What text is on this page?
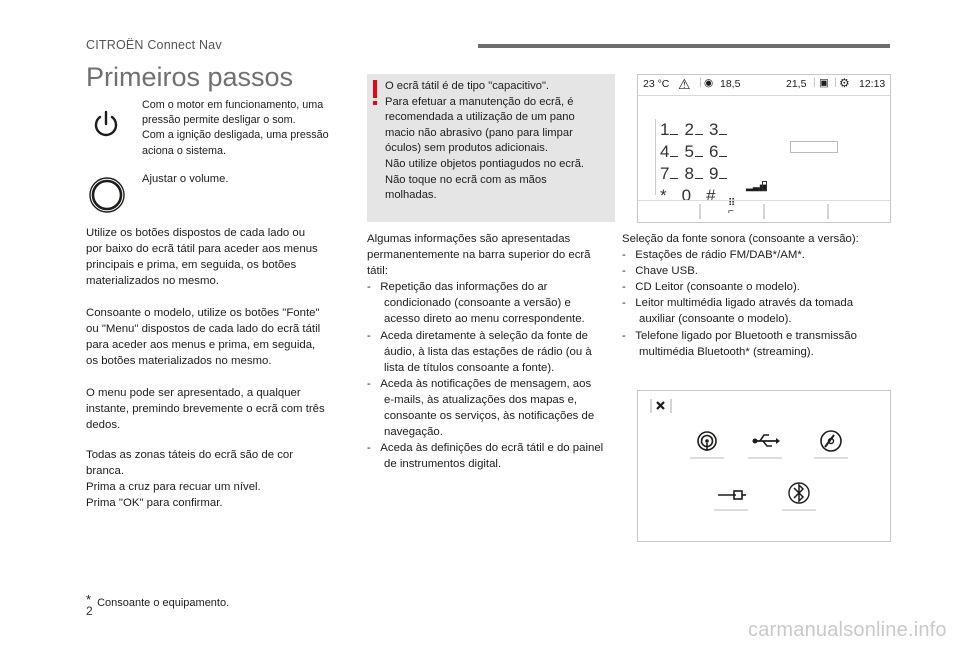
CITROËN Connect Nav
Primeiros passos
Com o motor em funcionamento, uma
pressão permite desligar o som.
Com a ignição desligada, uma pressão
aciona o sistema.
Ajustar o volume.
Utilize os botões dispostos de cada lado ou
por baixo do ecrã tátil para aceder aos menus
principais e prima, em seguida, os botões
materializados no mesmo.
Consoante o modelo, utilize os botões "Fonte"
ou "Menu" dispostos de cada lado do ecrã tátil
para aceder aos menus e prima, em seguida,
os botões materializados no mesmo.
O menu pode ser apresentado, a qualquer
instante, premindo brevemente o ecrã com três
dedos.
Todas as zonas táteis do ecrã são de cor
branca.
Prima a cruz para recuar um nível.
Prima "OK" para confirmar.
* Consoante o equipamento.
O ecrã tátil é de tipo "capacitivo".
Para efetuar a manutenção do ecrã, é
recomendada a utilização de um pano
macio não abrasivo (pano para limpar
óculos) sem produtos adicionais.
Não utilize objetos pontiagudos no ecrã.
Não toque no ecrã com as mãos
molhadas.
Algumas informações são apresentadas
permanentemente na barra superior do ecrã
tátil:
- Repetição das informações do ar
condicionado (consoante a versão) e
acesso direto ao menu correspondente.
- Aceda diretamente à seleção da fonte de
áudio, à lista das estações de rádio (ou à
lista de títulos consoante a fonte).
- Aceda às notificações de mensagem, aos
e-mails, às atualizações dos mapas e,
consoante os serviços, às notificações de
navegação.
- Aceda às definições do ecrã tátil e do painel
de instrumentos digital.
23 °C ⚠ | ◉ 18,5	21,5 | ▣ | ⚙ 12:13
1 2 3
4 5 6
7 8 9
* 0 #	▂▃▅
⠿
⌐
Seleção da fonte sonora (consoante a versão):
- Estações de rádio FM/DAB*/AM*.
- Chave USB.
- CD Leitor (consoante o modelo).
- Leitor multimédia ligado através da tomada
auxiliar (consoante o modelo).
- Telefone ligado por Bluetooth e transmissão
multimédia Bluetooth* (streaming).
2
carmanualsonline.info
